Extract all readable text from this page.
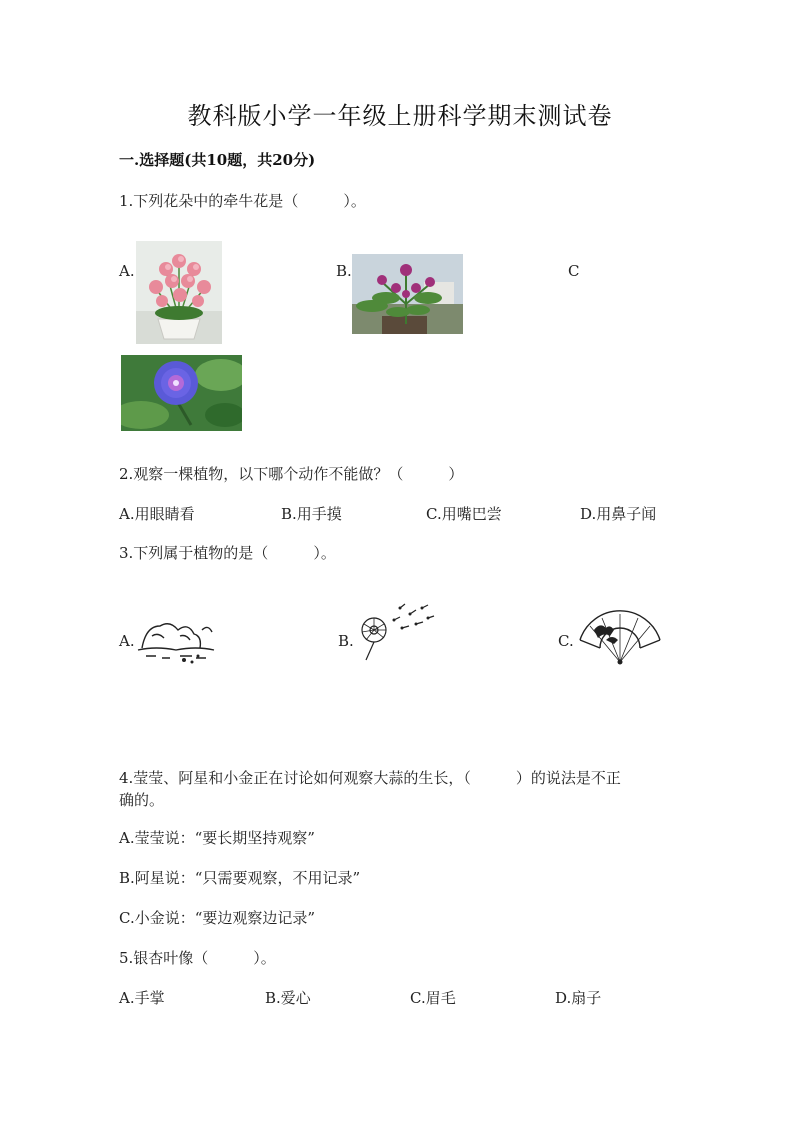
教科版小学一年级上册科学期末测试卷
一.选择题(共10题，共20分)
1.下列花朵中的牵牛花是（　　　）。
A.	B.	C
2.观察一棵植物，以下哪个动作不能做？（　　　）
A.用眼睛看	B.用手摸	C.用嘴巴尝	D.用鼻子闻
3.下列属于植物的是（　　　）。
A.	B.	C.
4.莹莹、阿星和小金正在讨论如何观察大蒜的生长，（　　　）的说法是不正
确的。
A.莹莹说：“要长期坚持观察”
B.阿星说：“只需要观察，不用记录”
C.小金说：“要边观察边记录”
5.银杏叶像（　　　）。
A.手掌	B.爱心	C.眉毛	D.扇子
